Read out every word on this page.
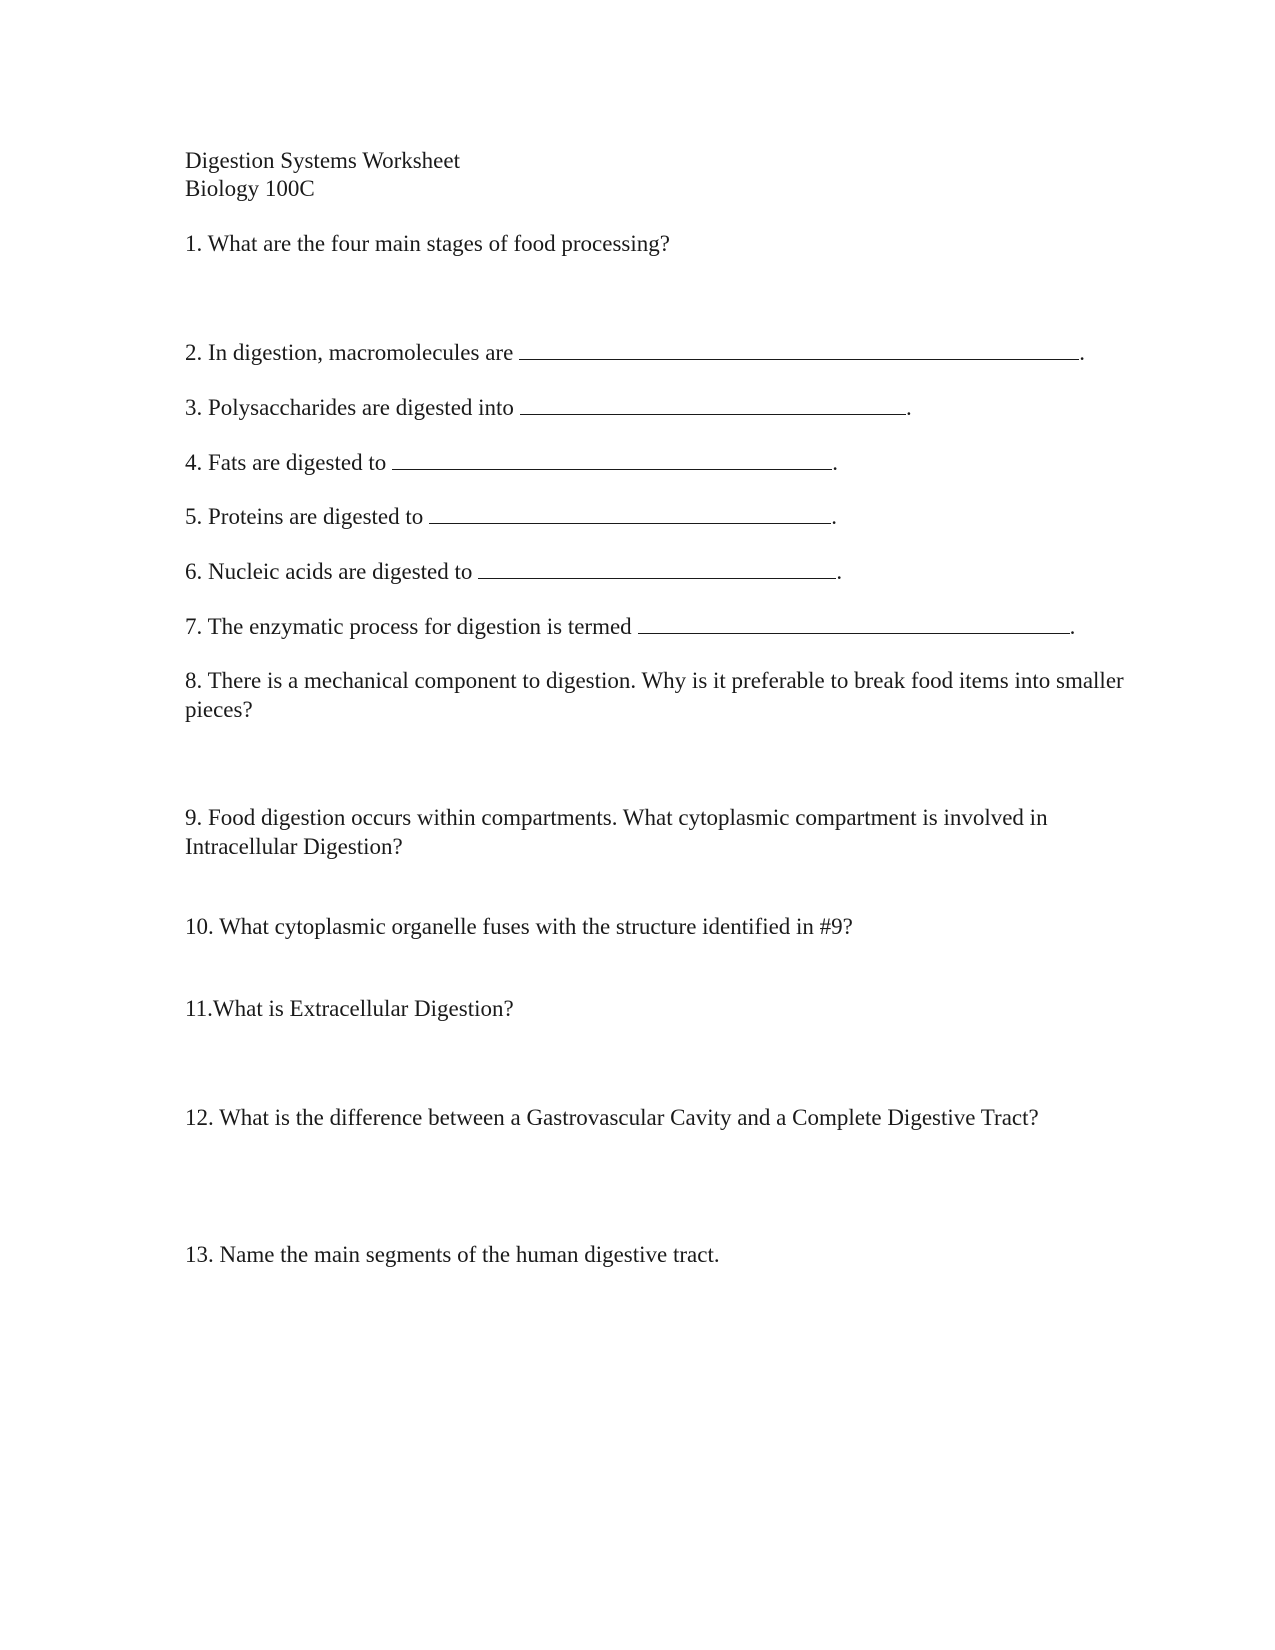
Digestion Systems Worksheet
Biology 100C
1. What are the four main stages of food processing?
2. In digestion, macromolecules are	.
3. Polysaccharides are digested into	.
4. Fats are digested to	.
5. Proteins are digested to	.
6. Nucleic acids are digested to	.
7. The enzymatic process for digestion is termed	.
8. There is a mechanical component to digestion. Why is it preferable to break food items into smaller pieces?
9. Food digestion occurs within compartments. What cytoplasmic compartment is involved in Intracellular Digestion?
10. What cytoplasmic organelle fuses with the structure identified in #9?
11.What is Extracellular Digestion?
12. What is the difference between a Gastrovascular Cavity and a Complete Digestive Tract?
13. Name the main segments of the human digestive tract.
